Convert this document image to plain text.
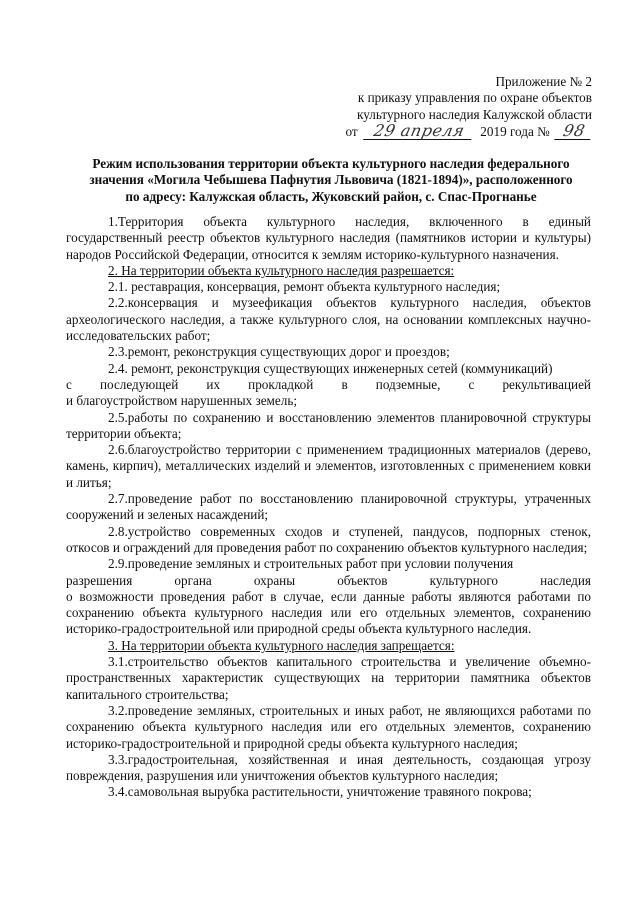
Приложение № 2
к приказу управления по охране объектов
культурного наследия Калужской области
от 29 апреля 2019 года № 98
Режим использования территории объекта культурного наследия федерального
значения «Могила Чебышева Пафнутия Львовича (1821-1894)», расположенного
по адресу: Калужская область, Жуковский район, с. Спас-Прогнанье
1.Территория объекта культурного наследия, включенного в единый государственный реестр объектов культурного наследия (памятников истории и культуры) народов Российской Федерации, относится к землям историко-культурного назначения.
2. На территории объекта культурного наследия разрешается:
2.1. реставрация, консервация, ремонт объекта культурного наследия;
2.2.консервация и музеефикация объектов культурного наследия, объектов археологического наследия, а также культурного слоя, на основании комплексных научно-исследовательских работ;
2.3.ремонт, реконструкция существующих дорог и проездов;
2.4. ремонт, реконструкция существующих инженерных сетей (коммуникаций)
с последующей их прокладкой в подземные, с рекультивацией
и благоустройством нарушенных земель;
2.5.работы по сохранению и восстановлению элементов планировочной структуры территории объекта;
2.6.благоустройство территории с применением традиционных материалов (дерево, камень, кирпич), металлических изделий и элементов, изготовленных с применением ковки и литья;
2.7.проведение работ по восстановлению планировочной структуры, утраченных сооружений и зеленых насаждений;
2.8.устройство современных сходов и ступеней, пандусов, подпорных стенок, откосов и ограждений для проведения работ по сохранению объектов культурного наследия;
2.9.проведение земляных и строительных работ при условии получения
разрешения органа охраны объектов культурного наследия
о возможности проведения работ в случае, если данные работы являются работами по сохранению объекта культурного наследия или его отдельных элементов, сохранению историко-градостроительной или природной среды объекта культурного наследия.
3. На территории объекта культурного наследия запрещается:
3.1.строительство объектов капитального строительства и увеличение объемно-пространственных характеристик существующих на территории памятника объектов капитального строительства;
3.2.проведение земляных, строительных и иных работ, не являющихся работами по сохранению объекта культурного наследия или его отдельных элементов, сохранению историко-градостроительной и природной среды объекта культурного наследия;
3.3.градостроительная, хозяйственная и иная деятельность, создающая угрозу повреждения, разрушения или уничтожения объектов культурного наследия;
3.4.самовольная вырубка растительности, уничтожение травяного покрова;
